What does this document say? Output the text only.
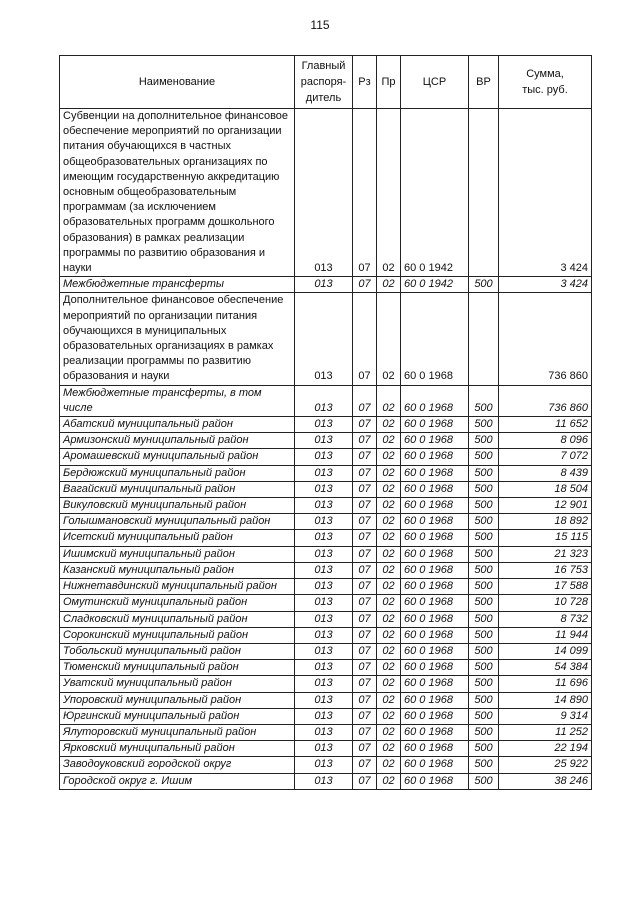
115
Наименование	Главный
распоря-
дитель	Рз	Пр	ЦСР	ВР	Сумма,
тыс. руб.
Субвенции на дополнительное финансовое обеспечение мероприятий по организации питания обучающихся в частных общеобразовательных организациях по имеющим государственную аккредитацию основным общеобразовательным программам (за исключением образовательных программ дошкольного образования) в рамках реализации программы по развитию образования и науки	013	07	02	60 0 1942		3 424
Межбюджетные трансферты	013	07	02	60 0 1942	500	3 424
Дополнительное финансовое обеспечение мероприятий по организации питания обучающихся в муниципальных образовательных организациях в рамках реализации программы по развитию образования и науки	013	07	02	60 0 1968		736 860
Межбюджетные трансферты, в том числе	013	07	02	60 0 1968	500	736 860
Абатский муниципальный район	013	07	02	60 0 1968	500	11 652
Армизонский муниципальный район	013	07	02	60 0 1968	500	8 096
Аромашевский муниципальный район	013	07	02	60 0 1968	500	7 072
Бердюжский муниципальный район	013	07	02	60 0 1968	500	8 439
Вагайский муниципальный район	013	07	02	60 0 1968	500	18 504
Викуловский муниципальный район	013	07	02	60 0 1968	500	12 901
Голышмановский муниципальный район	013	07	02	60 0 1968	500	18 892
Исетский муниципальный район	013	07	02	60 0 1968	500	15 115
Ишимский муниципальный район	013	07	02	60 0 1968	500	21 323
Казанский муниципальный район	013	07	02	60 0 1968	500	16 753
Нижнетавдинский муниципальный район	013	07	02	60 0 1968	500	17 588
Омутинский муниципальный район	013	07	02	60 0 1968	500	10 728
Сладковский муниципальный район	013	07	02	60 0 1968	500	8 732
Сорокинский муниципальный район	013	07	02	60 0 1968	500	11 944
Тобольский муниципальный район	013	07	02	60 0 1968	500	14 099
Тюменский муниципальный район	013	07	02	60 0 1968	500	54 384
Уватский муниципальный район	013	07	02	60 0 1968	500	11 696
Упоровский муниципальный район	013	07	02	60 0 1968	500	14 890
Юргинский муниципальный район	013	07	02	60 0 1968	500	9 314
Ялуторовский муниципальный район	013	07	02	60 0 1968	500	11 252
Ярковский муниципальный район	013	07	02	60 0 1968	500	22 194
Заводоуковский городской округ	013	07	02	60 0 1968	500	25 922
Городской округ г. Ишим	013	07	02	60 0 1968	500	38 246
